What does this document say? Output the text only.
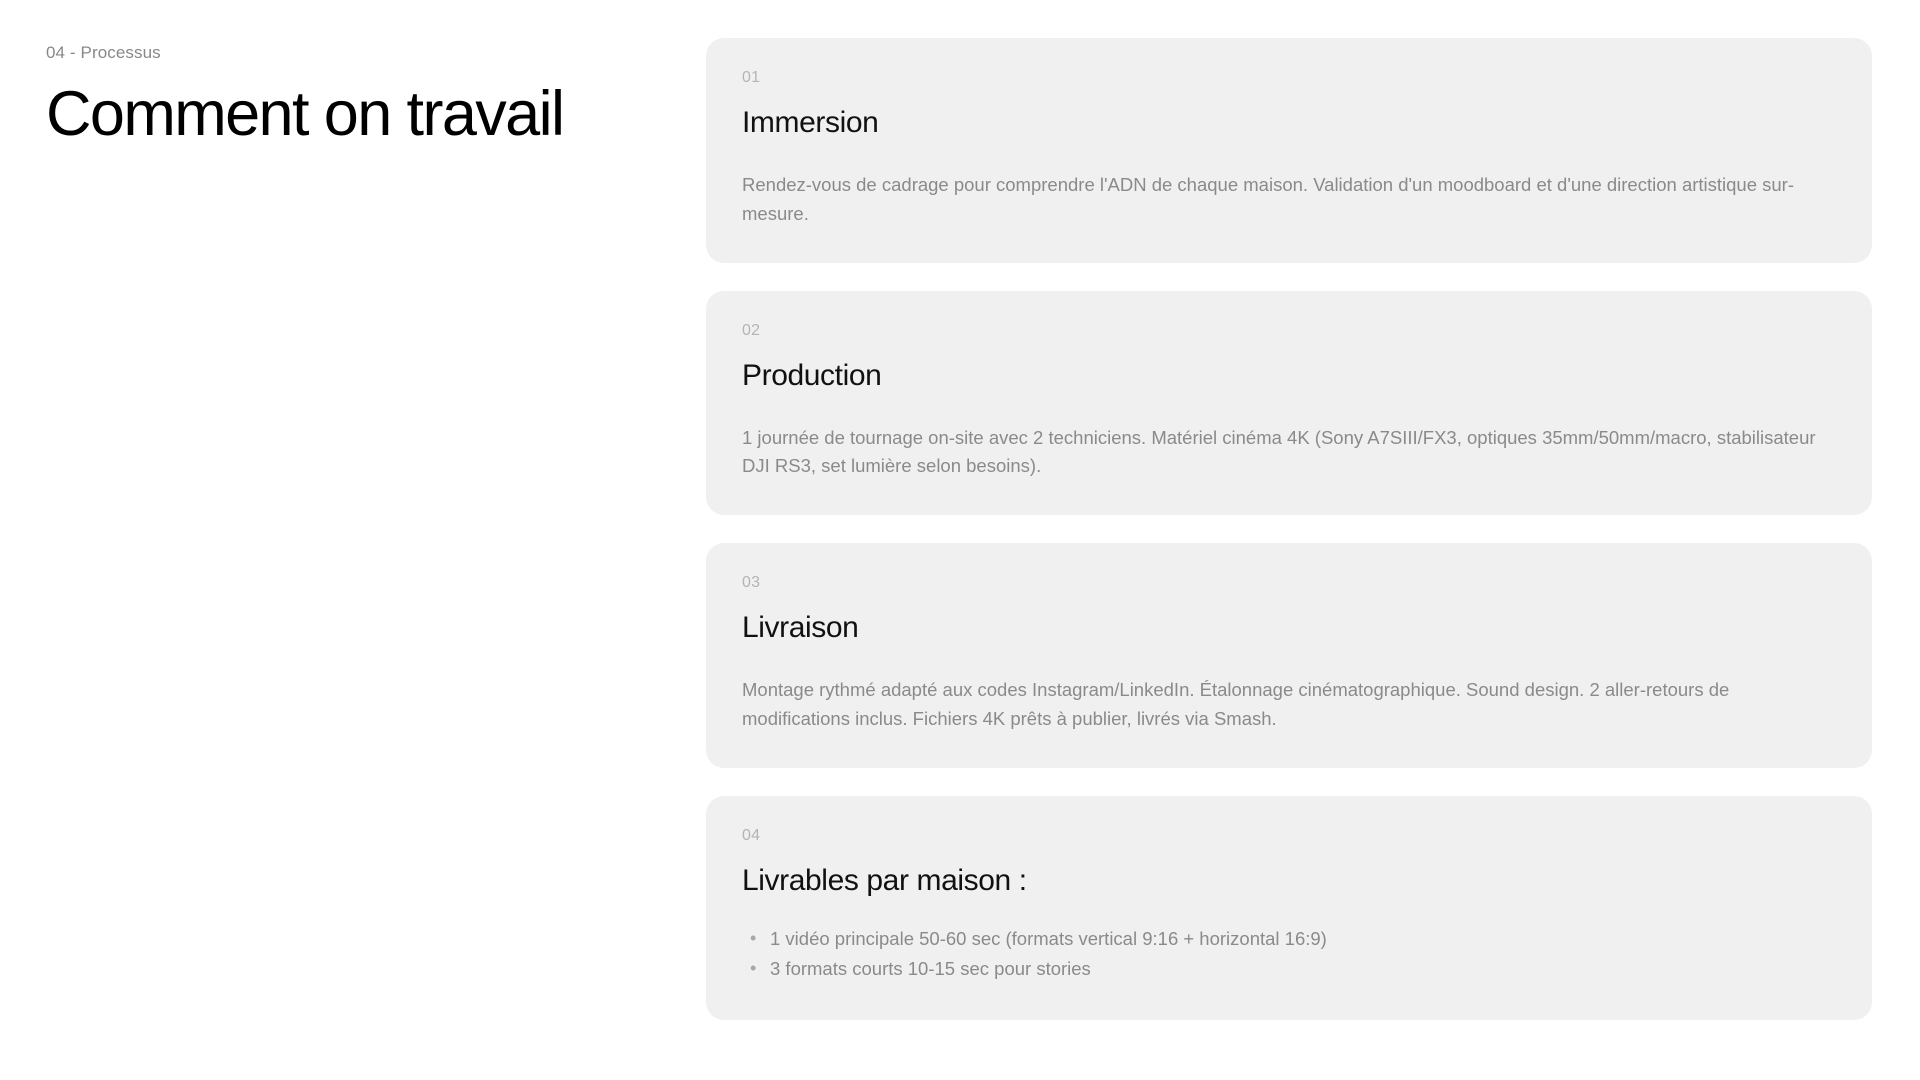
04 - Processus

Comment on travail
01
Immersion

Rendez-vous de cadrage pour comprendre l'ADN de chaque maison. Validation d'un moodboard et d'une direction artistique sur-mesure.

02
Production

1 journée de tournage on-site avec 2 techniciens. Matériel cinéma 4K (Sony A7SIII/FX3, optiques 35mm/50mm/macro, stabilisateur DJI RS3, set lumière selon besoins).

03
Livraison

Montage rythmé adapté aux codes Instagram/LinkedIn. Étalonnage cinématographique. Sound design. 2 aller-retours de modifications inclus. Fichiers 4K prêts à publier, livrés via Smash.

04
Livrables par maison :
• 1 vidéo principale 50-60 sec (formats vertical 9:16 + horizontal 16:9)
• 3 formats courts 10-15 sec pour stories
